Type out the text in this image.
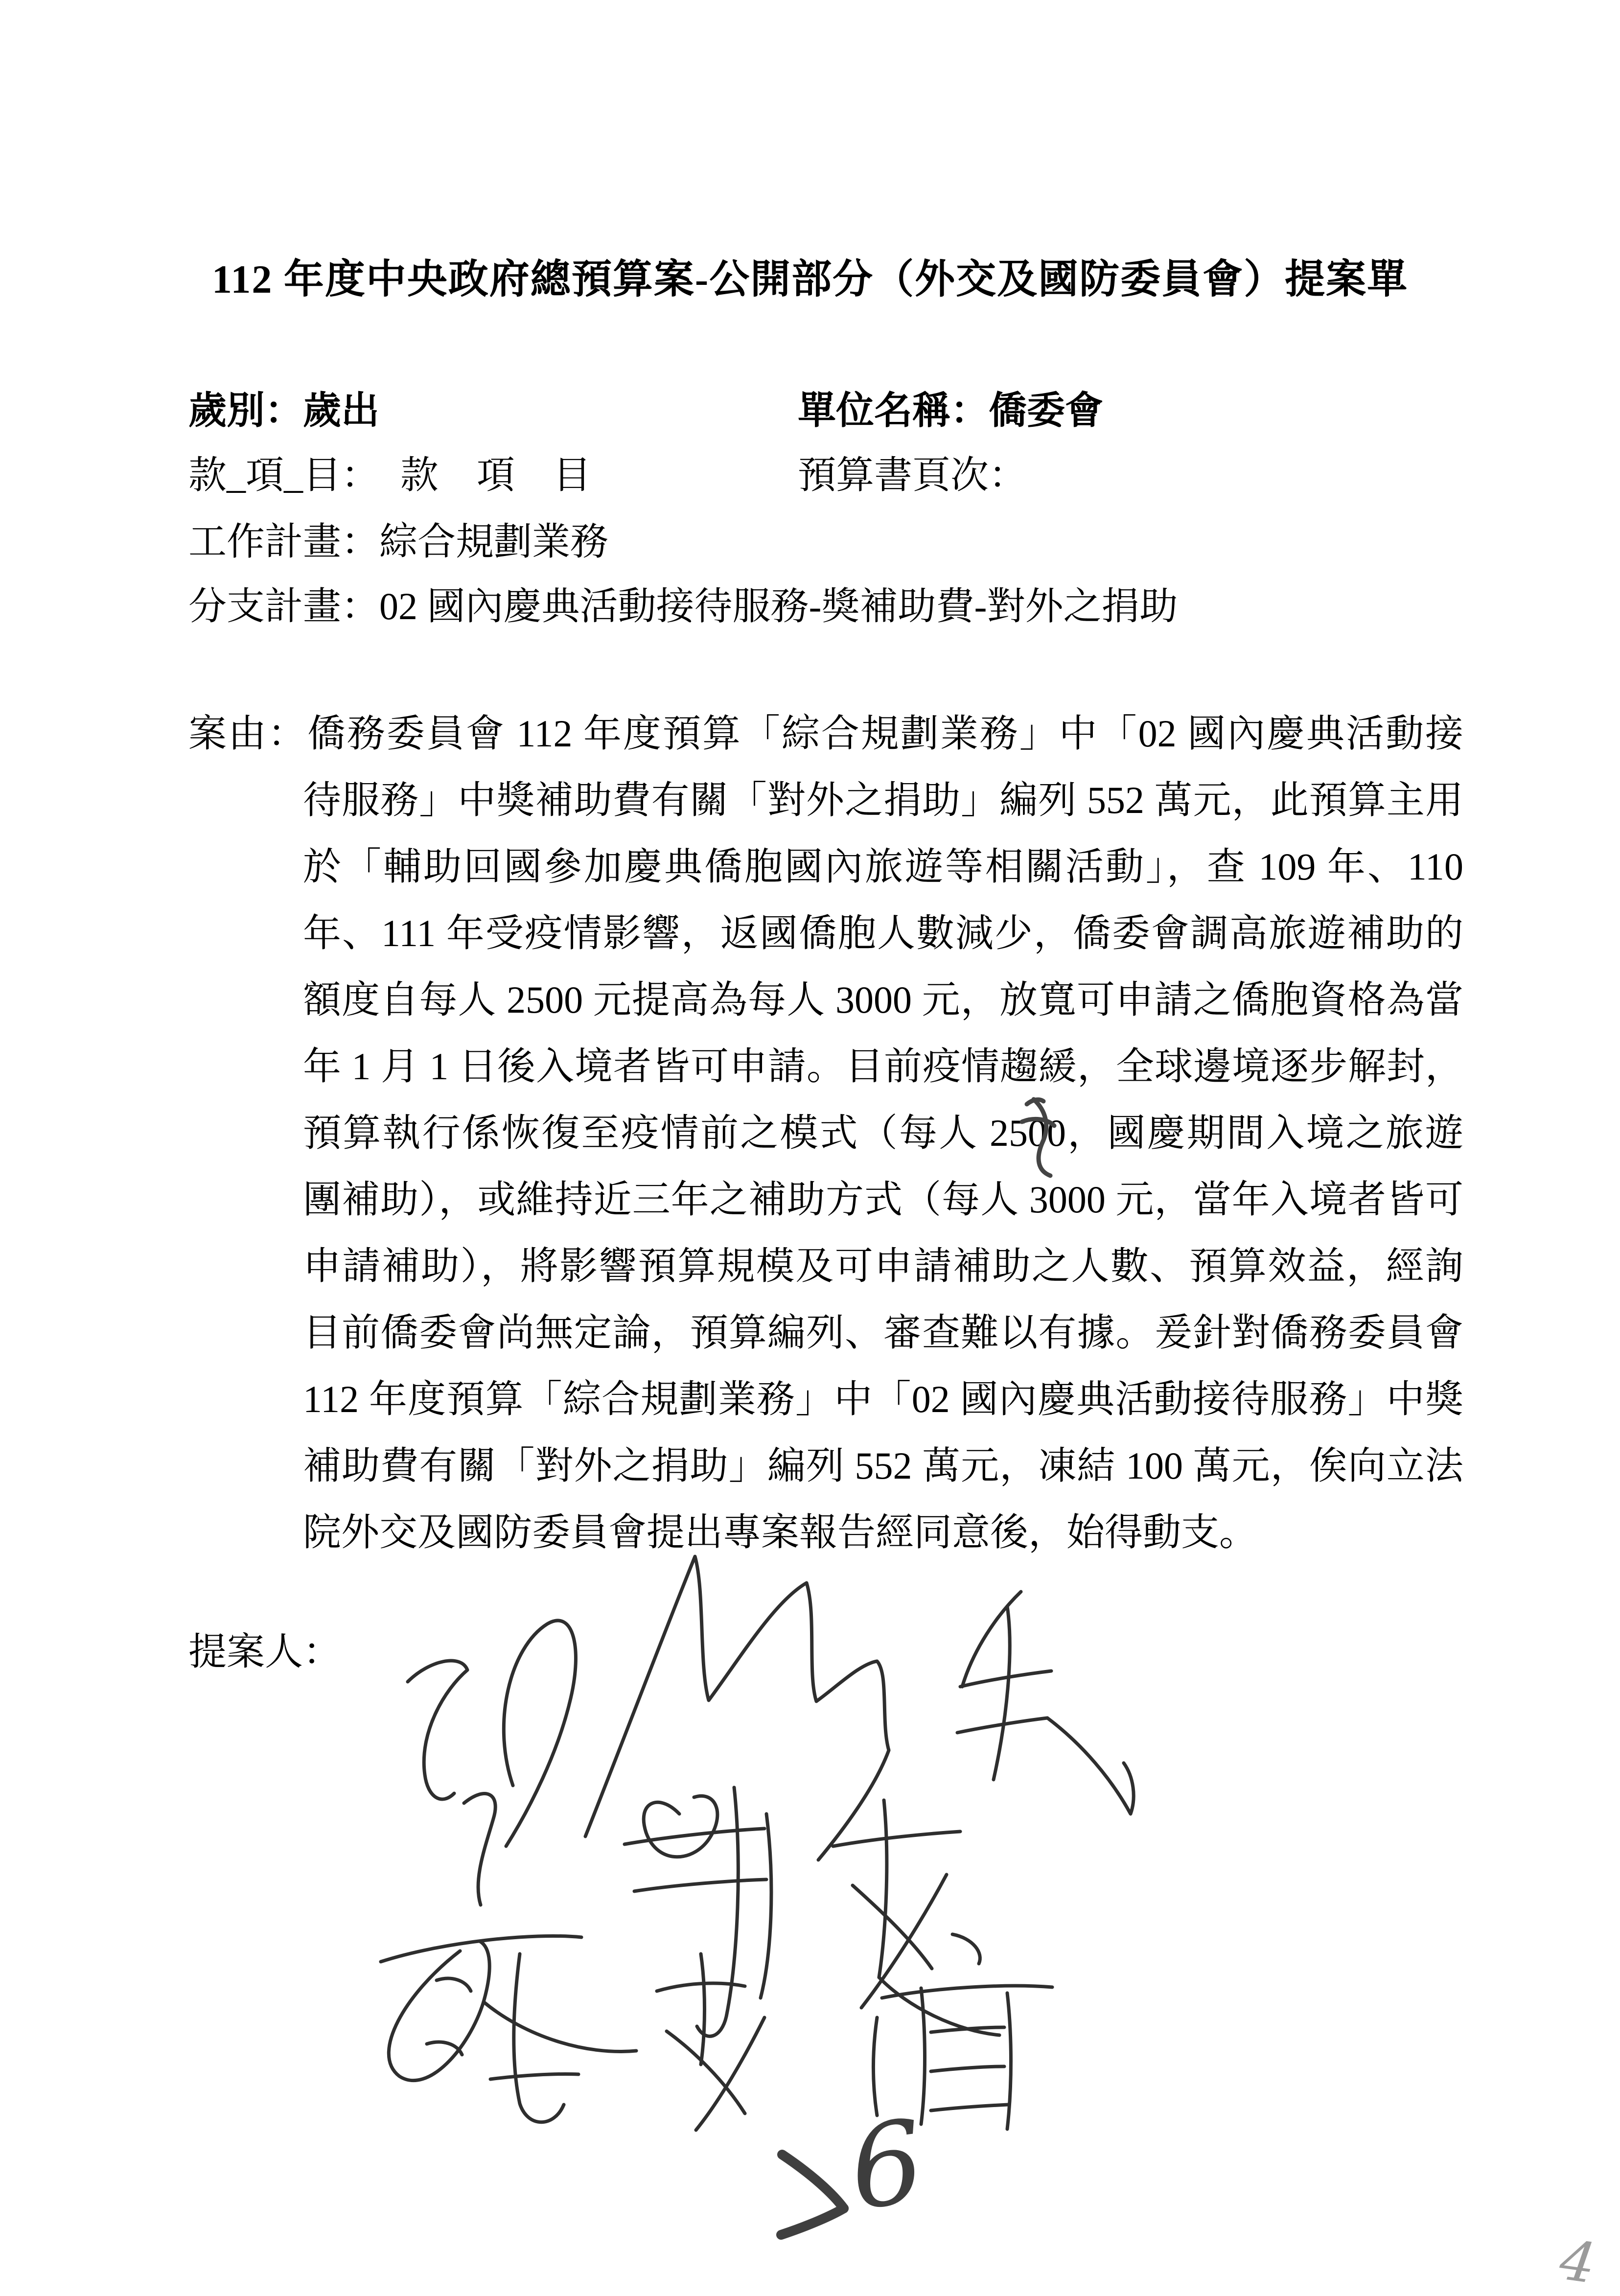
112 年度中央政府總預算案-公開部分（外交及國防委員會）提案單
歲別：歲出	單位名稱：僑委會
款_項_目： 款　項　目	預算書頁次：
工作計畫：綜合規劃業務
分支計畫：02 國內慶典活動接待服務-獎補助費-對外之捐助
案由：僑務委員會 112 年度預算「綜合規劃業務」中「02 國內慶典活動接
待服務」中獎補助費有關「對外之捐助」編列 552 萬元，此預算主用
於「輔助回國參加慶典僑胞國內旅遊等相關活動」，查 109 年、110
年、111 年受疫情影響，返國僑胞人數減少，僑委會調高旅遊補助的
額度自每人 2500 元提高為每人 3000 元，放寬可申請之僑胞資格為當
年 1 月 1 日後入境者皆可申請。目前疫情趨緩，全球邊境逐步解封，
預算執行係恢復至疫情前之模式（每人 2500，國慶期間入境之旅遊
團補助），或維持近三年之補助方式（每人 3000 元，當年入境者皆可
申請補助），將影響預算規模及可申請補助之人數、預算效益，經詢
目前僑委會尚無定論，預算編列、審查難以有據。爰針對僑務委員會
112 年度預算「綜合規劃業務」中「02 國內慶典活動接待服務」中獎
補助費有關「對外之捐助」編列 552 萬元，凍結 100 萬元，俟向立法
院外交及國防委員會提出專案報告經同意後，始得動支。
提案人：
6
4
